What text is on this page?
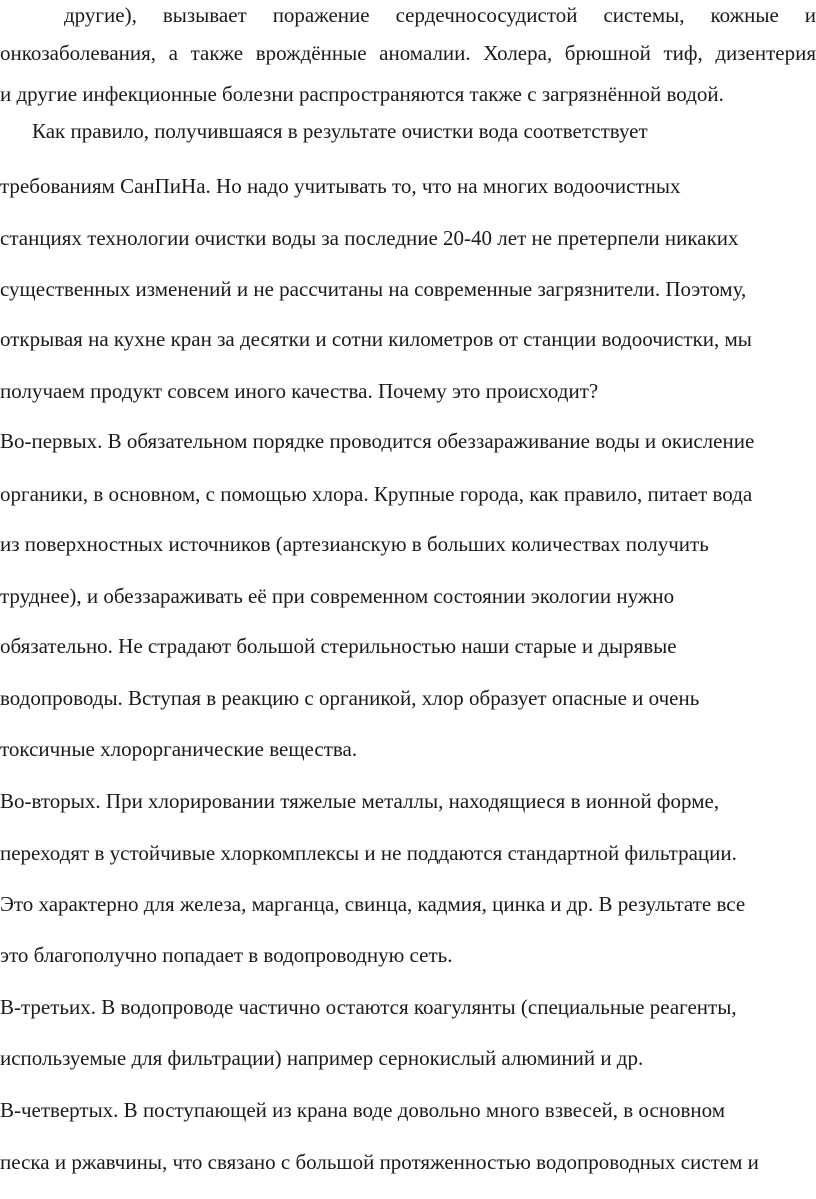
другие), вызывает поражение сердечнососудистой системы, кожные и
онкозаболевания, а также врождённые аномалии. Холера, брюшной тиф, дизентерия
и другие инфекционные болезни распространяются также с загрязнённой водой.
Как правило, получившаяся в результате очистки вода соответствует
требованиям СанПиНа. Но надо учитывать то, что на многих водоочистных
станциях технологии очистки воды за последние 20-40 лет не претерпели никаких
существенных изменений и не рассчитаны на современные загрязнители. Поэтому,
открывая на кухне кран за десятки и сотни километров от станции водоочистки, мы
получаем продукт совсем иного качества. Почему это происходит?
Во-первых. В обязательном порядке проводится обеззараживание воды и окисление
органики, в основном, с помощью хлора. Крупные города, как правило, питает вода
из поверхностных источников (артезианскую в больших количествах получить
труднее), и обеззараживать её при современном состоянии экологии нужно
обязательно. Не страдают большой стерильностью наши старые и дырявые
водопроводы. Вступая в реакцию с органикой, хлор образует опасные и очень
токсичные хлорорганические вещества.
Во-вторых. При хлорировании тяжелые металлы, находящиеся в ионной форме,
переходят в устойчивые хлоркомплексы и не поддаются стандартной фильтрации.
Это характерно для железа, марганца, свинца, кадмия, цинка и др. В результате все
это благополучно попадает в водопроводную сеть.
В-третьих. В водопроводе частично остаются коагулянты (специальные реагенты,
используемые для фильтрации) например сернокислый алюминий и др.
В-четвертых. В поступающей из крана воде довольно много взвесей, в основном
песка и ржавчины, что связано с большой протяженностью водопроводных систем и
